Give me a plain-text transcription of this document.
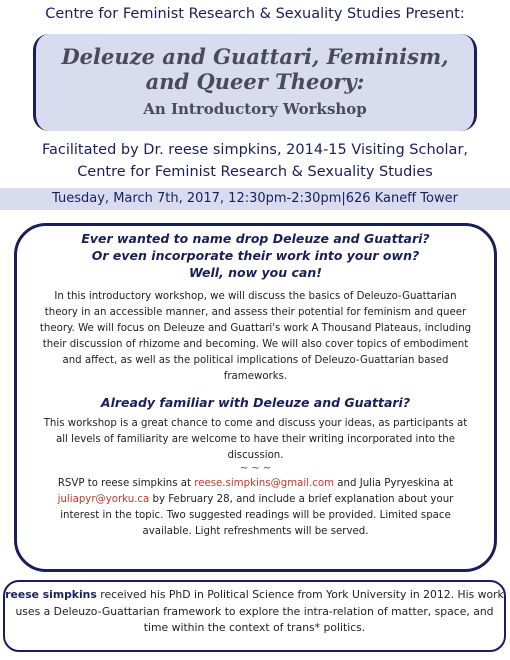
Centre for Feminist Research & Sexuality Studies Present:
Deleuze and Guattari, Feminism,
and Queer Theory:
An Introductory Workshop
Facilitated by Dr. reese simpkins, 2014-15 Visiting Scholar,
Centre for Feminist Research & Sexuality Studies
Tuesday, March 7th, 2017, 12:30pm-2:30pm|626 Kaneff Tower
Ever wanted to name drop Deleuze and Guattari?
Or even incorporate their work into your own?
Well, now you can!
In this introductory workshop, we will discuss the basics of Deleuzo-Guattarian theory in an accessible manner, and assess their potential for feminism and queer theory. We will focus on Deleuze and Guattari's work A Thousand Plateaus, including their discussion of rhizome and becoming. We will also cover topics of embodiment and affect, as well as the political implications of Deleuzo-Guattarian based frameworks.
Already familiar with Deleuze and Guattari?
This workshop is a great chance to come and discuss your ideas, as participants at all levels of familiarity are welcome to have their writing incorporated into the discussion.
~ ~ ~
RSVP to reese simpkins at reese.simpkins@gmail.com and Julia Pyryeskina at juliapyr@yorku.ca by February 28, and include a brief explanation about your interest in the topic. Two suggested readings will be provided. Limited space available. Light refreshments will be served.
reese simpkins received his PhD in Political Science from York University in 2012. His work uses a Deleuzo-Guattarian framework to explore the intra-relation of matter, space, and time within the context of trans* politics.
